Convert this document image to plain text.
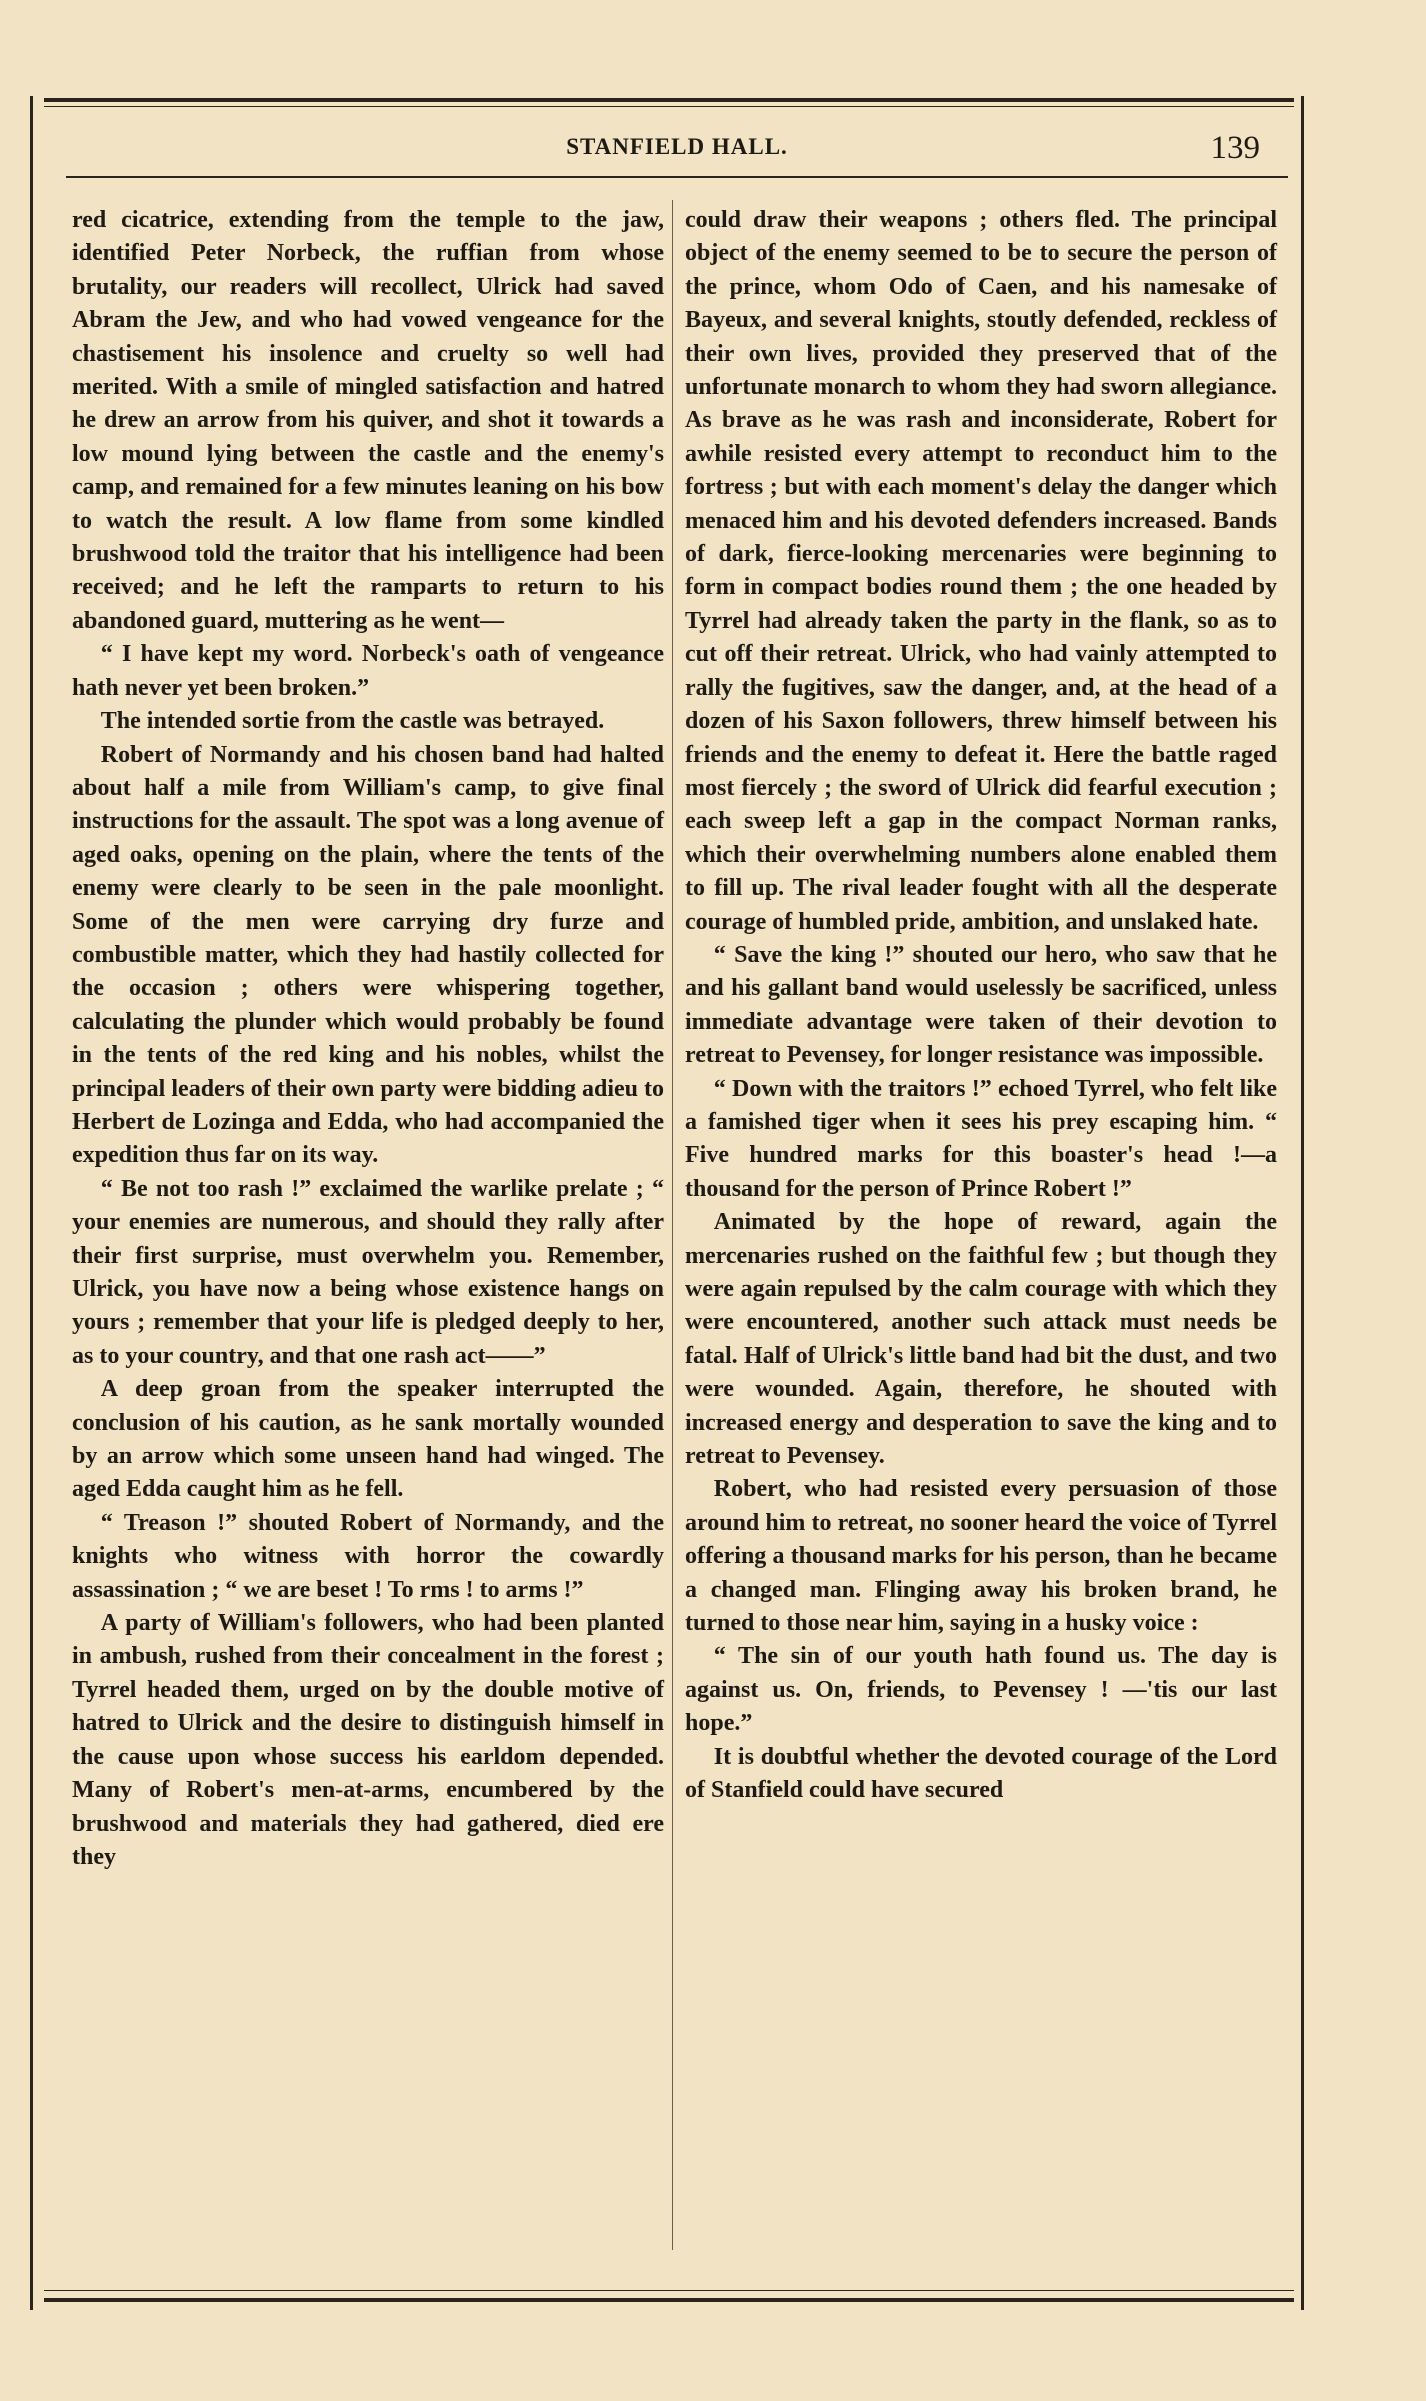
STANFIELD HALL.	139

red cicatrice, extending from the temple to the jaw, identified Peter Norbeck, the ruffian from whose brutality, our readers will recollect, Ulrick had saved Abram the Jew, and who had vowed vengeance for the chastisement his insolence and cruelty so well had merited. With a smile of mingled satisfaction and hatred he drew an arrow from his quiver, and shot it towards a low mound lying between the castle and the enemy's camp, and remained for a few minutes leaning on his bow to watch the result. A low flame from some kindled brushwood told the traitor that his intelligence had been received; and he left the ramparts to return to his abandoned guard, muttering as he went—

“ I have kept my word. Norbeck's oath of vengeance hath never yet been broken.”

The intended sortie from the castle was betrayed.

Robert of Normandy and his chosen band had halted about half a mile from William's camp, to give final instructions for the assault. The spot was a long avenue of aged oaks, opening on the plain, where the tents of the enemy were clearly to be seen in the pale moonlight. Some of the men were carrying dry furze and combustible matter, which they had hastily collected for the occasion ; others were whispering together, calculating the plunder which would probably be found in the tents of the red king and his nobles, whilst the principal leaders of their own party were bidding adieu to Herbert de Lozinga and Edda, who had accompanied the expedition thus far on its way.

“ Be not too rash !” exclaimed the warlike prelate ; “ your enemies are numerous, and should they rally after their first surprise, must overwhelm you. Remember, Ulrick, you have now a being whose existence hangs on yours ; remember that your life is pledged deeply to her, as to your country, and that one rash act——”

A deep groan from the speaker interrupted the conclusion of his caution, as he sank mortally wounded by an arrow which some unseen hand had winged. The aged Edda caught him as he fell.

“ Treason !” shouted Robert of Normandy, and the knights who witness with horror the cowardly assassination ; “ we are beset ! To rms ! to arms !”

A party of William's followers, who had been planted in ambush, rushed from their concealment in the forest ; Tyrrel headed them, urged on by the double motive of hatred to Ulrick and the desire to distinguish himself in the cause upon whose success his earldom depended. Many of Robert's men-at-arms, encumbered by the brushwood and materials they had gathered, died ere they

could draw their weapons ; others fled. The principal object of the enemy seemed to be to secure the person of the prince, whom Odo of Caen, and his namesake of Bayeux, and several knights, stoutly defended, reckless of their own lives, provided they preserved that of the unfortunate monarch to whom they had sworn allegiance. As brave as he was rash and inconsiderate, Robert for awhile resisted every attempt to reconduct him to the fortress ; but with each moment's delay the danger which menaced him and his devoted defenders increased. Bands of dark, fierce-looking mercenaries were beginning to form in compact bodies round them ; the one headed by Tyrrel had already taken the party in the flank, so as to cut off their retreat. Ulrick, who had vainly attempted to rally the fugitives, saw the danger, and, at the head of a dozen of his Saxon followers, threw himself between his friends and the enemy to defeat it. Here the battle raged most fiercely ; the sword of Ulrick did fearful execution ; each sweep left a gap in the compact Norman ranks, which their overwhelming numbers alone enabled them to fill up. The rival leader fought with all the desperate courage of humbled pride, ambition, and unslaked hate.

“ Save the king !” shouted our hero, who saw that he and his gallant band would uselessly be sacrificed, unless immediate advantage were taken of their devotion to retreat to Pevensey, for longer resistance was impossible.

“ Down with the traitors !” echoed Tyrrel, who felt like a famished tiger when it sees his prey escaping him. “ Five hundred marks for this boaster's head !—a thousand for the person of Prince Robert !”

Animated by the hope of reward, again the mercenaries rushed on the faithful few ; but though they were again repulsed by the calm courage with which they were encountered, another such attack must needs be fatal. Half of Ulrick's little band had bit the dust, and two were wounded. Again, therefore, he shouted with increased energy and desperation to save the king and to retreat to Pevensey.

Robert, who had resisted every persuasion of those around him to retreat, no sooner heard the voice of Tyrrel offering a thousand marks for his person, than he became a changed man. Flinging away his broken brand, he turned to those near him, saying in a husky voice :

“ The sin of our youth hath found us. The day is against us. On, friends, to Pevensey ! —'tis our last hope.”

It is doubtful whether the devoted courage of the Lord of Stanfield could have secured
